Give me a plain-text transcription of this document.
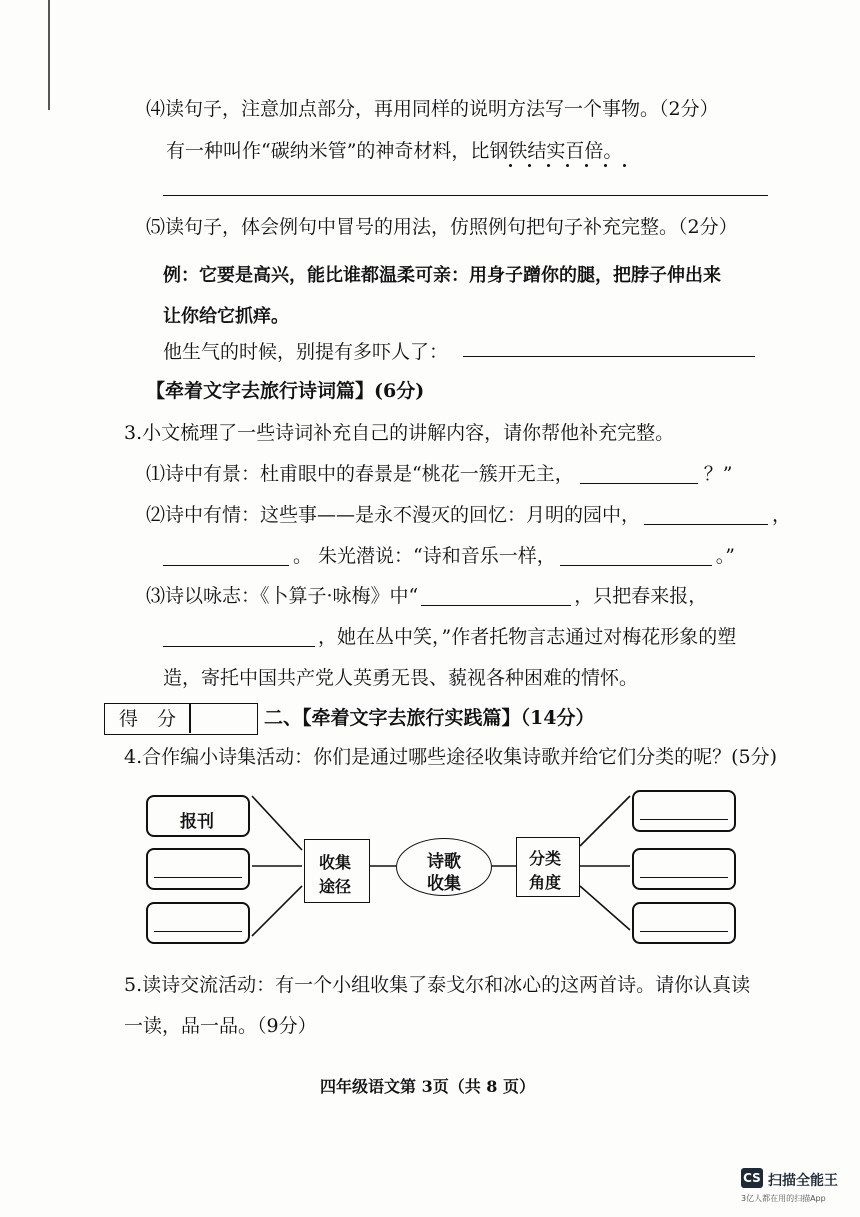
⑷读句子，注意加点部分，再用同样的说明方法写一个事物。（2分）
有一种叫作“碳纳米管”的神奇材料，比钢铁结实百倍。
⑸读句子，体会例句中冒号的用法，仿照例句把句子补充完整。（2分）
例：它要是高兴，能比谁都温柔可亲：用身子蹭你的腿，把脖子伸出来
让你给它抓痒。
他生气的时候，别提有多吓人了：
【牵着文字去旅行诗词篇】(6分)
3.小文梳理了一些诗词补充自己的讲解内容，请你帮他补充完整。
⑴诗中有景：杜甫眼中的春景是“桃花一簇开无主，	？”
⑵诗中有情：这些事——是永不漫灭的回忆：月明的园中，	，
。 朱光潜说：“诗和音乐一样，	。”
⑶诗以咏志：《卜算子·咏梅》中“	，只把春来报，
，她在丛中笑，”作者托物言志通过对梅花形象的塑
造，寄托中国共产党人英勇无畏、藐视各种困难的情怀。
得　分	二、【牵着文字去旅行实践篇】（14分）
4.合作编小诗集活动：你们是通过哪些途径收集诗歌并给它们分类的呢？(5分)
报刊
收集
途径
诗歌
收集
分类
角度
5.读诗交流活动：有一个小组收集了泰戈尔和冰心的这两首诗。请你认真读
一读，品一品。（9分）
四年级语文第 3页（共 8 页）
CS 扫描全能王
3亿人都在用的扫描App
